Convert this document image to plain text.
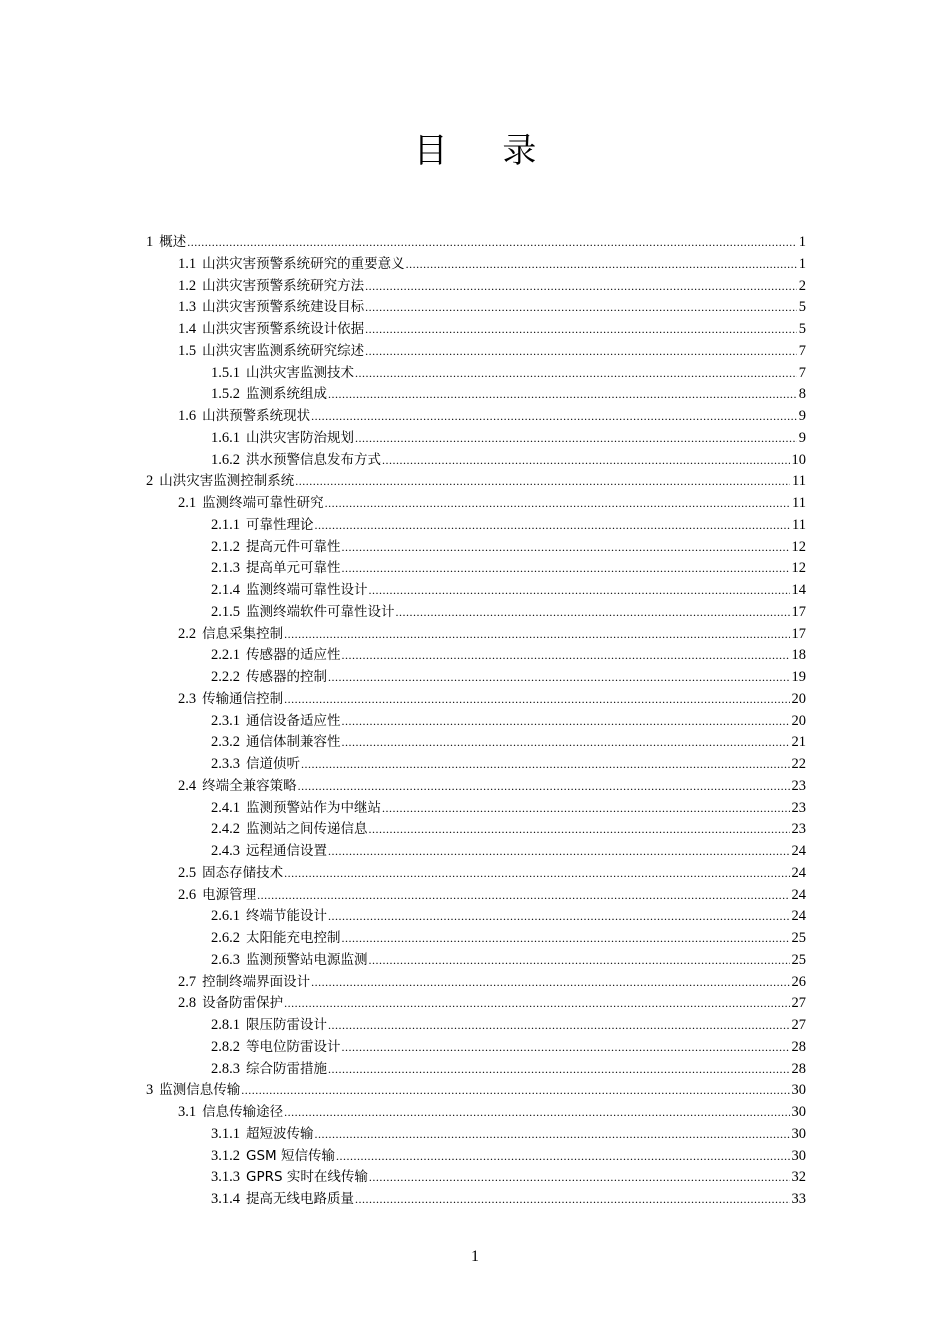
目 录
1 概述 .....	1
1.1 山洪灾害预警系统研究的重要意义 .....	1
1.2 山洪灾害预警系统研究方法 .....	2
1.3 山洪灾害预警系统建设目标 .....	5
1.4 山洪灾害预警系统设计依据 .....	5
1.5 山洪灾害监测系统研究综述 .....	7
1.5.1 山洪灾害监测技术 .....	7
1.5.2 监测系统组成 .....	8
1.6 山洪预警系统现状 .....	9
1.6.1 山洪灾害防治规划 .....	9
1.6.2 洪水预警信息发布方式 .....	10
2 山洪灾害监测控制系统 .....	11
2.1 监测终端可靠性研究 .....	11
2.1.1 可靠性理论 .....	11
2.1.2 提高元件可靠性 .....	12
2.1.3 提高单元可靠性 .....	12
2.1.4 监测终端可靠性设计 .....	14
2.1.5 监测终端软件可靠性设计 .....	17
2.2 信息采集控制 .....	17
2.2.1 传感器的适应性 .....	18
2.2.2 传感器的控制 .....	19
2.3 传输通信控制 .....	20
2.3.1 通信设备适应性 .....	20
2.3.2 通信体制兼容性 .....	21
2.3.3 信道侦听 .....	22
2.4 终端全兼容策略 .....	23
2.4.1 监测预警站作为中继站 .....	23
2.4.2 监测站之间传递信息 .....	23
2.4.3 远程通信设置 .....	24
2.5 固态存储技术 .....	24
2.6 电源管理 .....	24
2.6.1 终端节能设计 .....	24
2.6.2 太阳能充电控制 .....	25
2.6.3 监测预警站电源监测 .....	25
2.7 控制终端界面设计 .....	26
2.8 设备防雷保护 .....	27
2.8.1 限压防雷设计 .....	27
2.8.2 等电位防雷设计 .....	28
2.8.3 综合防雷措施 .....	28
3 监测信息传输 .....	30
3.1 信息传输途径 .....	30
3.1.1 超短波传输 .....	30
3.1.2 GSM 短信传输 .....	30
3.1.3 GPRS 实时在线传输 .....	32
3.1.4 提高无线电路质量 .....	33
1
